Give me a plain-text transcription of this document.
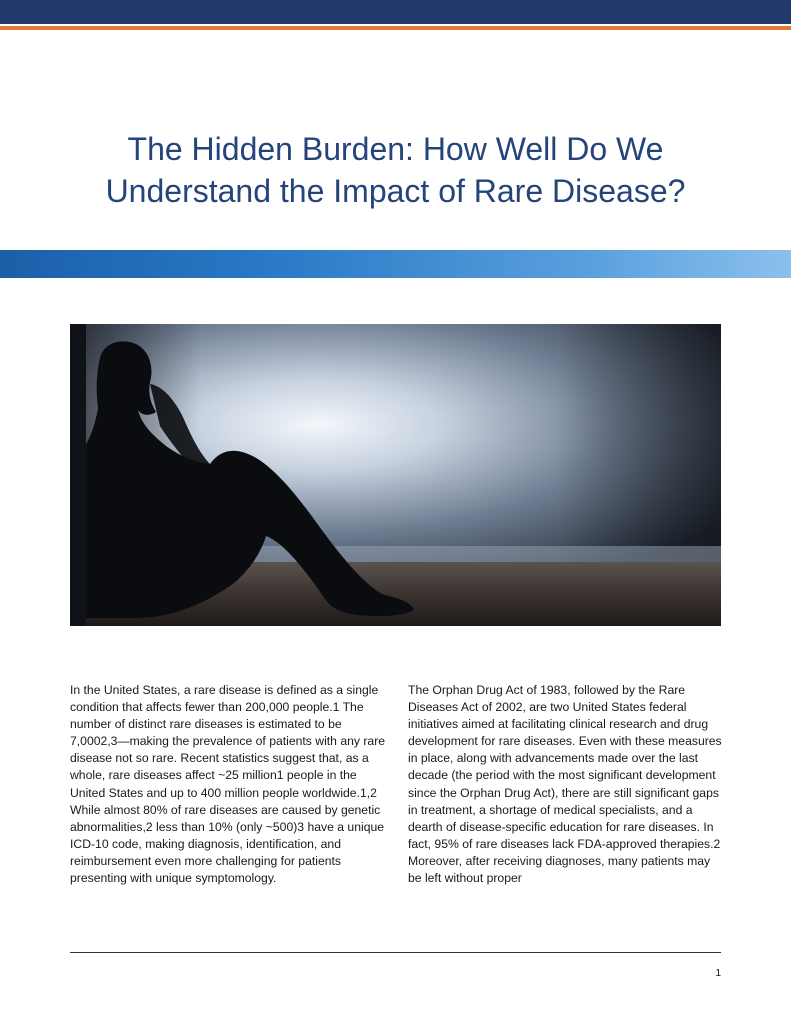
The Hidden Burden: How Well Do We
Understand the Impact of Rare Disease?

In the United States, a rare disease is defined as a single condition that affects fewer than 200,000 people.1 The number of distinct rare diseases is estimated to be 7,0002,3—making the prevalence of patients with any rare disease not so rare. Recent statistics suggest that, as a whole, rare diseases affect ~25 million1 people in the United States and up to 400 million people worldwide.1,2 While almost 80% of rare diseases are caused by genetic abnormalities,2 less than 10% (only ~500)3 have a unique ICD-10 code, making diagnosis, identification, and reimbursement even more challenging for patients presenting with unique symptomology.

The Orphan Drug Act of 1983, followed by the Rare Diseases Act of 2002, are two United States federal initiatives aimed at facilitating clinical research and drug development for rare diseases. Even with these measures in place, along with advancements made over the last decade (the period with the most significant development since the Orphan Drug Act), there are still significant gaps in treatment, a shortage of medical specialists, and a dearth of disease-specific education for rare diseases. In fact, 95% of rare diseases lack FDA-approved therapies.2 Moreover, after receiving diagnoses, many patients may be left without proper

1
